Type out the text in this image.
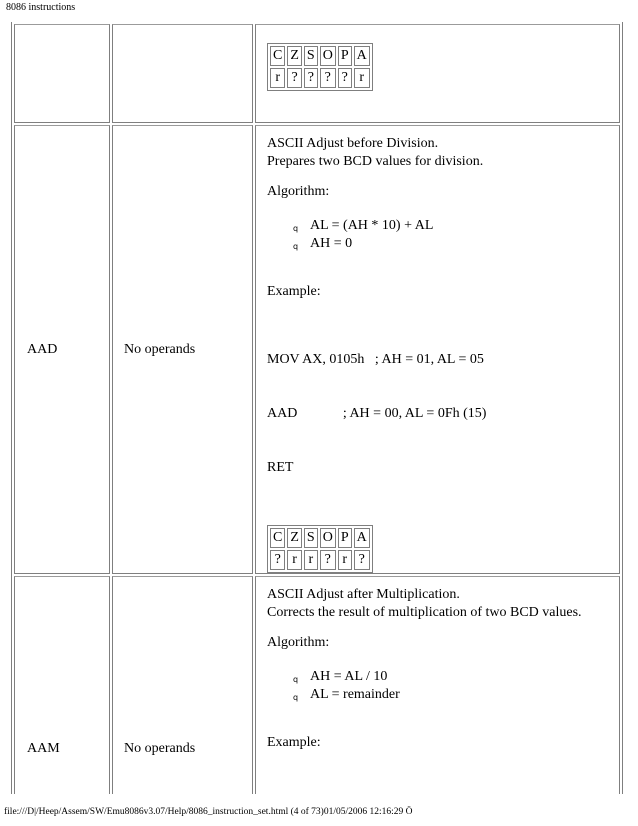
8086 instructions

C	Z	S	O	P	A
r	?	?	?	?	r
AAD	No operands	

ASCII Adjust before Division.

Prepares two BCD values for division.

Algorithm:

q AL = (AH * 10) + AL
q AH = 0

Example:

MOV AX, 0105h   ; AH = 01, AL = 05

AAD             ; AH = 00, AL = 0Fh (15)

RET

C	Z	S	O	P	A
?	r	r	?	r	?
AAM	No operands	

ASCII Adjust after Multiplication.

Corrects the result of multiplication of two BCD values.

Algorithm:

q AH = AL / 10
q AL = remainder

Example:

file:///D|/Heep/Assem/SW/Emu8086v3.07/Help/8086_instruction_set.html (4 of 73)01/05/2006 12:16:29 Ö
